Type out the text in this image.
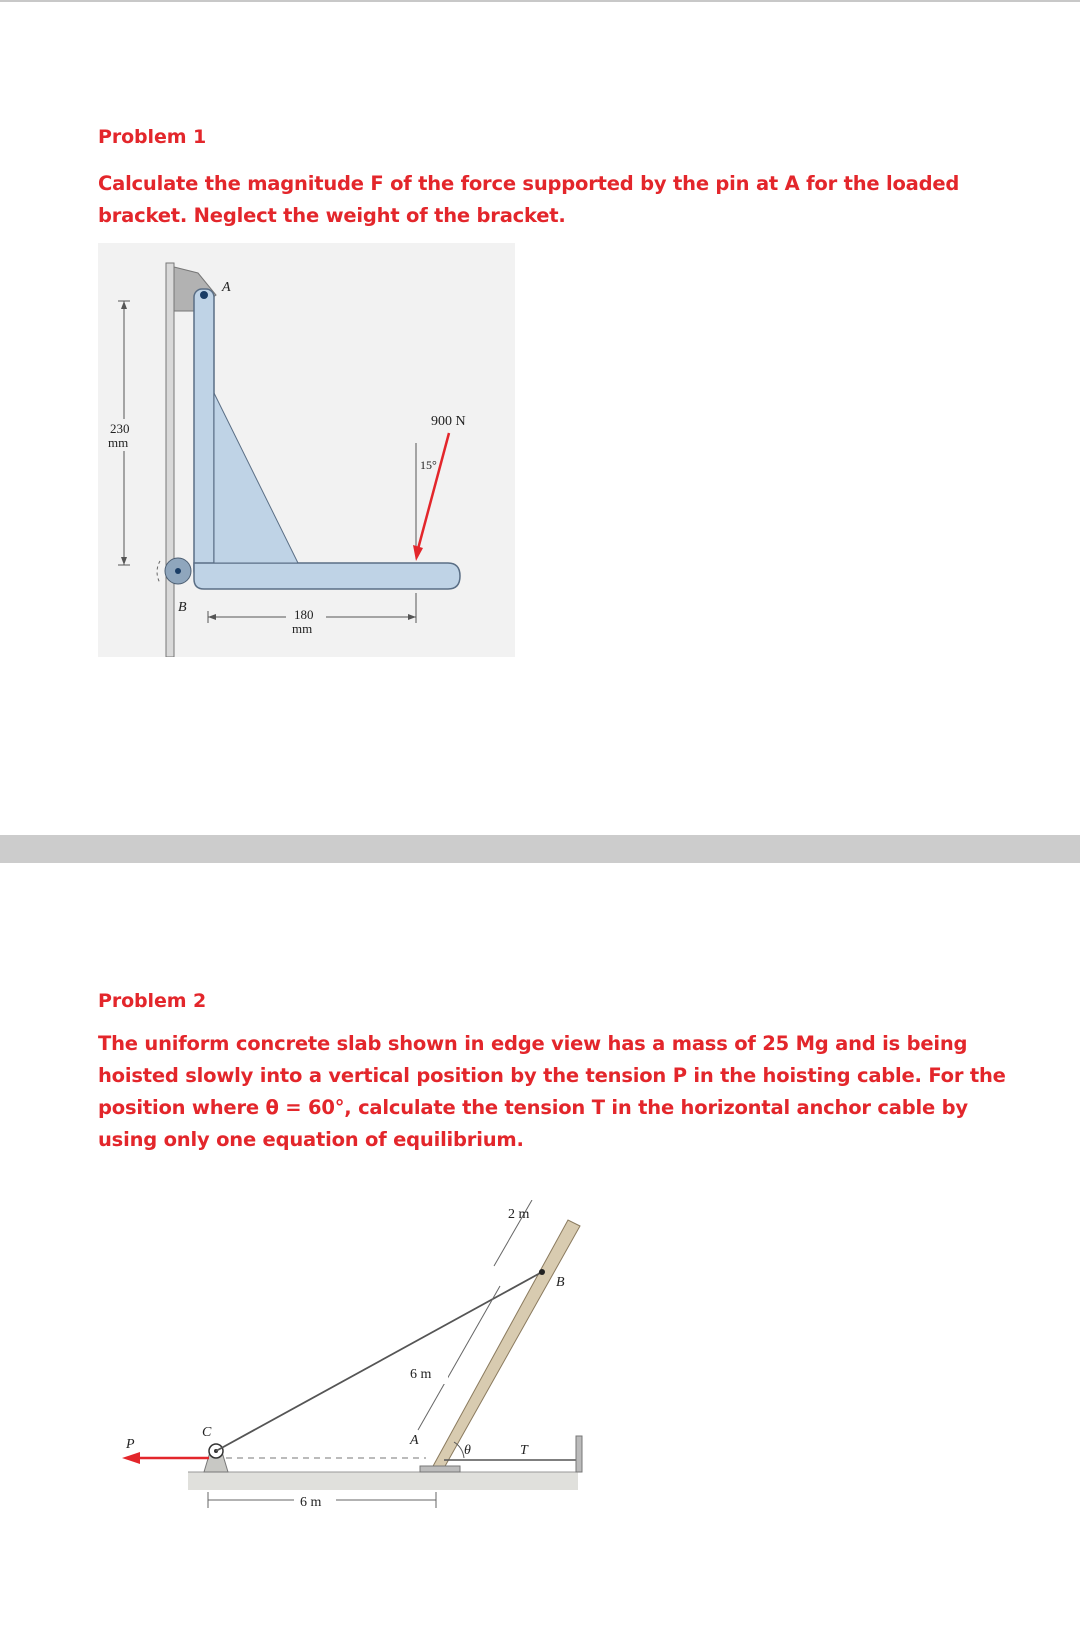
Problem 1

Calculate the magnitude F of the force supported by the pin at A for the loaded
bracket. Neglect the weight of the bracket.

A
B
230
mm
180
mm
900 N
15°
Problem 2

The uniform concrete slab shown in edge view has a mass of 25 Mg and is being
hoisted slowly into a vertical position by the tension P in the hoisting cable. For the
position where θ = 60°, calculate the tension T in the horizontal anchor cable by
using only one equation of equilibrium.

C
P
B
T
A
θ
6 m
2 m
6 m
